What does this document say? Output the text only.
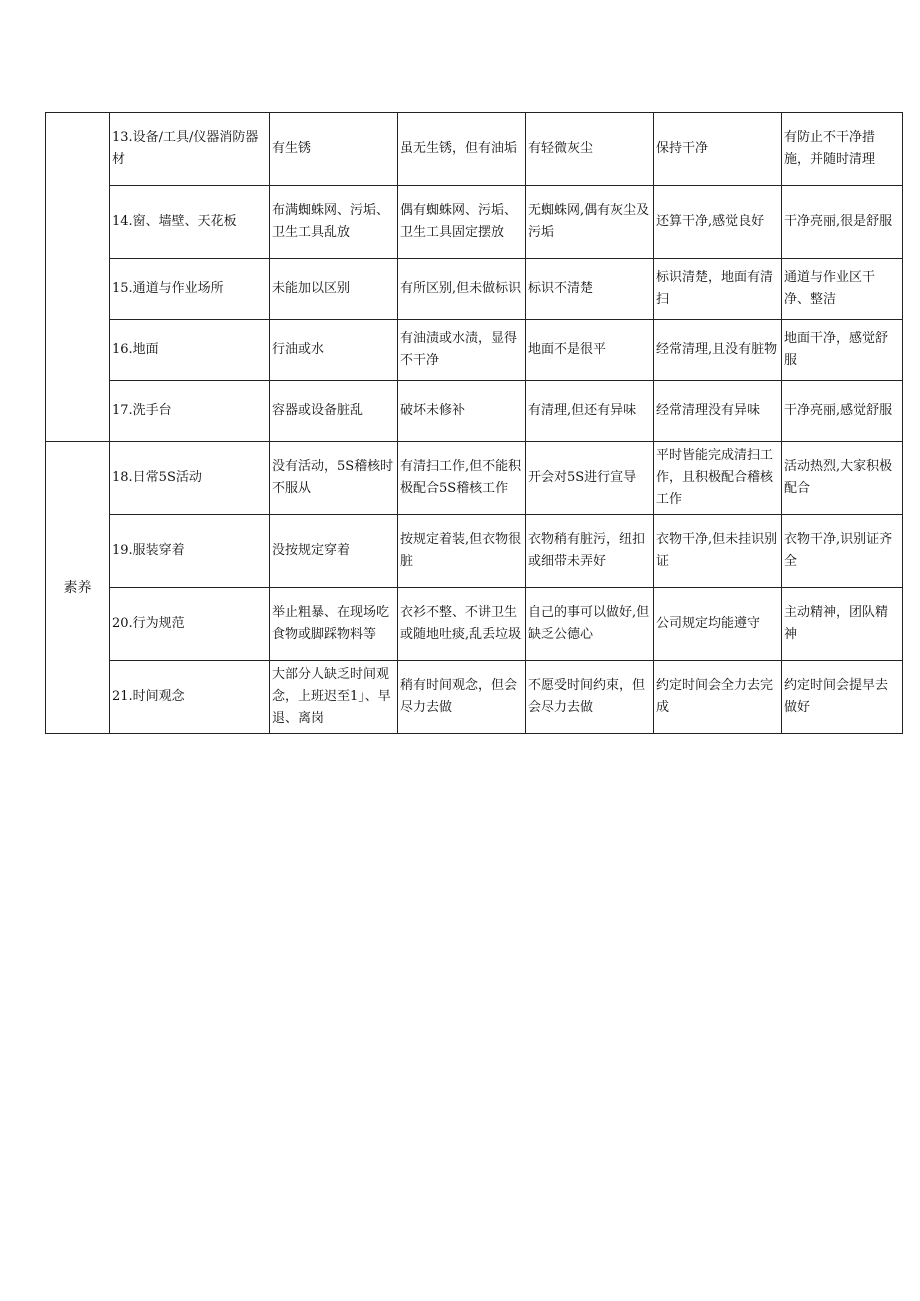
	13.设备/工具/仪器消防器材	有生锈	虽无生锈，但有油垢	有轻微灰尘	保持干净	有防止不干净措施，并随时清理
	14.窗、墙壁、天花板	布满蜘蛛网、污垢、卫生工具乱放	偶有蜘蛛网、污垢、卫生工具固定摆放	无蜘蛛网,偶有灰尘及污垢	还算干净,感觉良好	干净亮丽,很是舒服
	15.通道与作业场所	未能加以区别	有所区别,但未做标识	标识不清楚	标识清楚，地面有清扫	通道与作业区干净、整洁
	16.地面	行油或水	有油渍或水渍，显得不干净	地面不是很平	经常清理,且没有脏物	地面干净，感觉舒服
	17.洗手台	容器或设备脏乱	破坏未修补	有清理,但还有异味	经常清理没有异味	干净亮丽,感觉舒服
素养	18.日常5S活动	没有活动，5S稽核时不服从	有清扫工作,但不能积极配合5S稽核工作	开会对5S进行宣导	平时皆能完成清扫工作，且积极配合稽核工作	活动热烈,大家积极配合
	19.服装穿着	没按规定穿着	按规定着装,但衣物很脏	衣物稍有脏污，纽扣或细带未弄好	衣物干净,但未挂识别证	衣物干净,识别证齐全
	20.行为规范	举止粗暴、在现场吃食物或脚踩物料等	衣衫不整、不讲卫生或随地吐痰,乱丢垃圾	自己的事可以做好,但缺乏公德心	公司规定均能遵守	主动精神，团队精神
	21.时间观念	大部分人缺乏时间观念，上班迟至1」、早退、离岗	稍有时间观念，但会尽力去做	不愿受时间约束，但会尽力去做	约定时间会全力去完成	约定时间会提早去做好
